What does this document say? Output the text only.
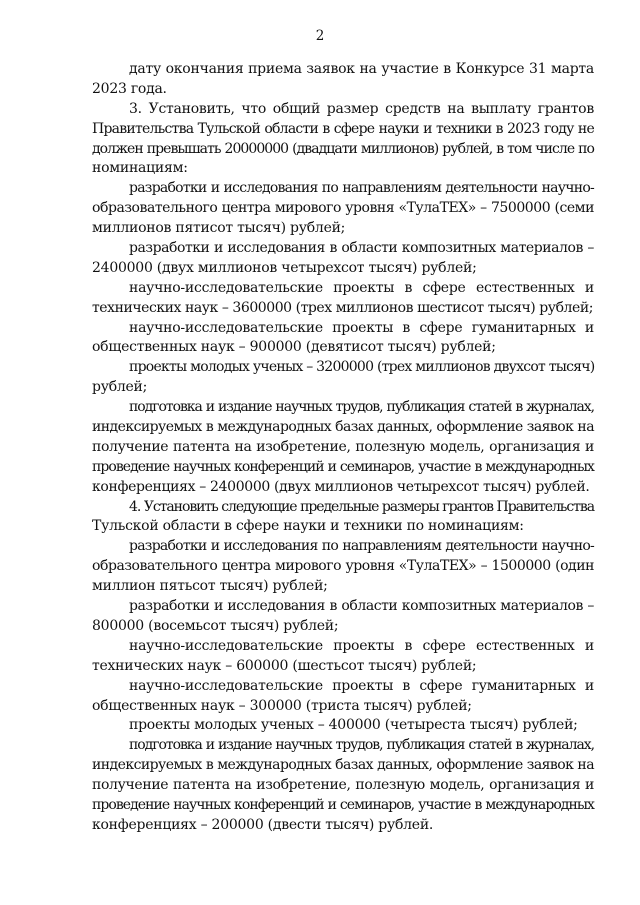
2
дату окончания приема заявок на участие в Конкурсе 31 марта
2023 года.
3. Установить, что общий размер средств на выплату грантов
Правительства Тульской области в сфере науки и техники в 2023 году не
должен превышать 20000000 (двадцати миллионов) рублей, в том числе по
номинациям:
разработки и исследования по направлениям деятельности научно-
образовательного центра мирового уровня «ТулаТЕХ» – 7500000 (семи
миллионов пятисот тысяч) рублей;
разработки и исследования в области композитных материалов –
2400000 (двух миллионов четырехсот тысяч) рублей;
научно-исследовательские проекты в сфере естественных и
технических наук – 3600000 (трех миллионов шестисот тысяч) рублей;
научно-исследовательские проекты в сфере гуманитарных и
общественных наук – 900000 (девятисот тысяч) рублей;
проекты молодых ученых – 3200000 (трех миллионов двухсот тысяч)
рублей;
подготовка и издание научных трудов, публикация статей в журналах,
индексируемых в международных базах данных, оформление заявок на
получение патента на изобретение, полезную модель, организация и
проведение научных конференций и семинаров, участие в международных
конференциях – 2400000 (двух миллионов четырехсот тысяч) рублей.
4. Установить следующие предельные размеры грантов Правительства
Тульской области в сфере науки и техники по номинациям:
разработки и исследования по направлениям деятельности научно-
образовательного центра мирового уровня «ТулаТЕХ» – 1500000 (один
миллион пятьсот тысяч) рублей;
разработки и исследования в области композитных материалов –
800000 (восемьсот тысяч) рублей;
научно-исследовательские проекты в сфере естественных и
технических наук – 600000 (шестьсот тысяч) рублей;
научно-исследовательские проекты в сфере гуманитарных и
общественных наук – 300000 (триста тысяч) рублей;
проекты молодых ученых – 400000 (четыреста тысяч) рублей;
подготовка и издание научных трудов, публикация статей в журналах,
индексируемых в международных базах данных, оформление заявок на
получение патента на изобретение, полезную модель, организация и
проведение научных конференций и семинаров, участие в международных
конференциях – 200000 (двести тысяч) рублей.
